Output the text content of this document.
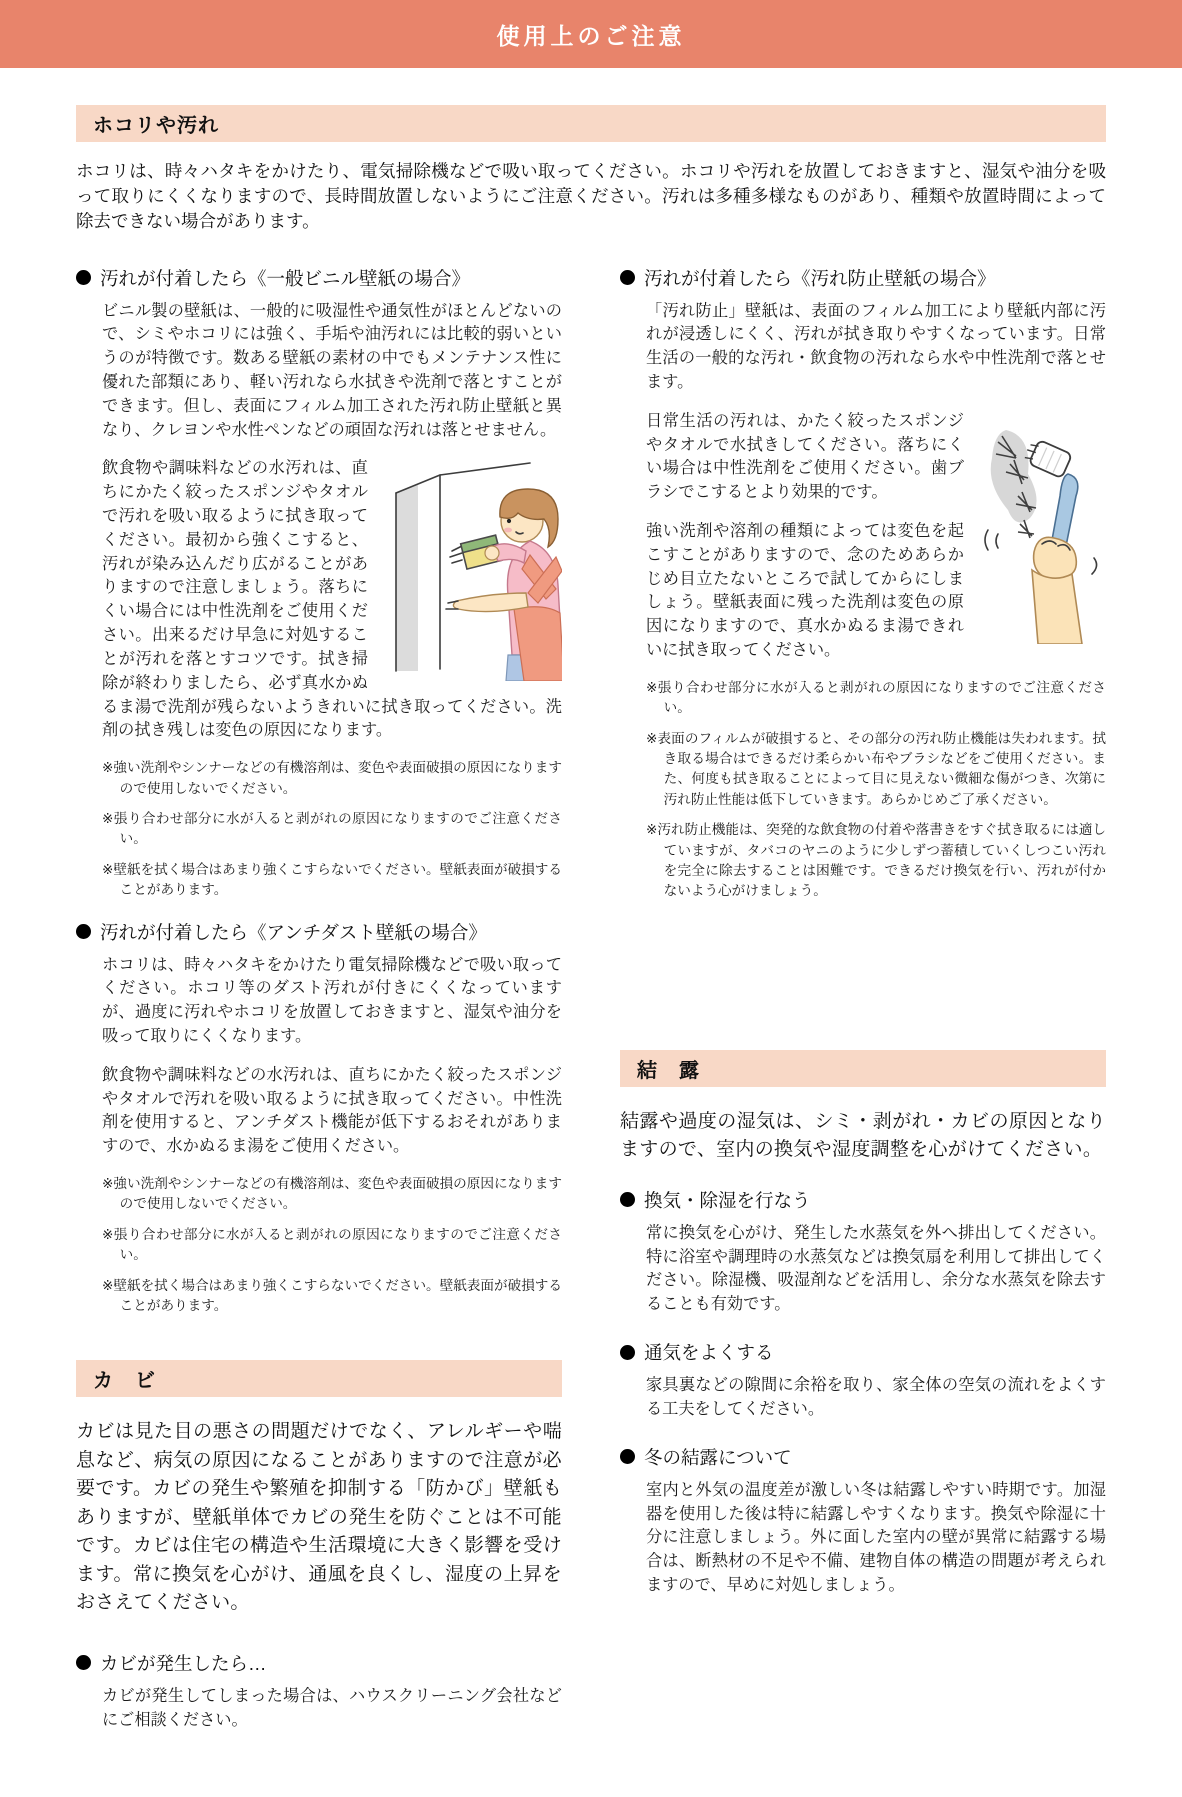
使用上のご注意
ホコリや汚れ

ホコリは、時々ハタキをかけたり、電気掃除機などで吸い取ってください。ホコリや汚れを放置しておきますと、湿気や油分を吸って取りにくくなりますので、長時間放置しないようにご注意ください。汚れは多種多様なものがあり、種類や放置時間によって除去できない場合があります。

汚れが付着したら《一般ビニル壁紙の場合》

ビニル製の壁紙は、一般的に吸湿性や通気性がほとんどないので、シミやホコリには強く、手垢や油汚れには比較的弱いというのが特徴です。数ある壁紙の素材の中でもメンテナンス性に優れた部類にあり、軽い汚れなら水拭きや洗剤で落とすことができます。但し、表面にフィルム加工された汚れ防止壁紙と異なり、クレヨンや水性ペンなどの頑固な汚れは落とせません。

飲食物や調味料などの水汚れは、直ちにかたく絞ったスポンジやタオルで汚れを吸い取るように拭き取ってください。最初から強くこすると、汚れが染み込んだり広がることがありますので注意しましょう。落ちにくい場合には中性洗剤をご使用ください。出来るだけ早急に対処することが汚れを落とすコツです。拭き掃除が終わりましたら、必ず真水かぬるま湯で洗剤が残らないようきれいに拭き取ってください。洗剤の拭き残しは変色の原因になります。

※強い洗剤やシンナーなどの有機溶剤は、変色や表面破損の原因になりますので使用しないでください。

※張り合わせ部分に水が入ると剥がれの原因になりますのでご注意ください。

※壁紙を拭く場合はあまり強くこすらないでください。壁紙表面が破損することがあります。

汚れが付着したら《アンチダスト壁紙の場合》

ホコリは、時々ハタキをかけたり電気掃除機などで吸い取ってください。ホコリ等のダスト汚れが付きにくくなっていますが、過度に汚れやホコリを放置しておきますと、湿気や油分を吸って取りにくくなります。

飲食物や調味料などの水汚れは、直ちにかたく絞ったスポンジやタオルで汚れを吸い取るように拭き取ってください。中性洗剤を使用すると、アンチダスト機能が低下するおそれがありますので、水かぬるま湯をご使用ください。

※強い洗剤やシンナーなどの有機溶剤は、変色や表面破損の原因になりますので使用しないでください。

※張り合わせ部分に水が入ると剥がれの原因になりますのでご注意ください。

※壁紙を拭く場合はあまり強くこすらないでください。壁紙表面が破損することがあります。

カ　ビ

カビは見た目の悪さの問題だけでなく、アレルギーや喘息など、病気の原因になることがありますので注意が必要です。カビの発生や繁殖を抑制する「防かび」壁紙もありますが、壁紙単体でカビの発生を防ぐことは不可能です。カビは住宅の構造や生活環境に大きく影響を受けます。常に換気を心がけ、通風を良くし、湿度の上昇をおさえてください。

カビが発生したら…

カビが発生してしまった場合は、ハウスクリーニング会社などにご相談ください。

汚れが付着したら《汚れ防止壁紙の場合》

「汚れ防止」壁紙は、表面のフィルム加工により壁紙内部に汚れが浸透しにくく、汚れが拭き取りやすくなっています。日常生活の一般的な汚れ・飲食物の汚れなら水や中性洗剤で落とせます。

日常生活の汚れは、かたく絞ったスポンジやタオルで水拭きしてください。落ちにくい場合は中性洗剤をご使用ください。歯ブラシでこするとより効果的です。

強い洗剤や溶剤の種類によっては変色を起こすことがありますので、念のためあらかじめ目立たないところで試してからにしましょう。壁紙表面に残った洗剤は変色の原因になりますので、真水かぬるま湯できれいに拭き取ってください。

※張り合わせ部分に水が入ると剥がれの原因になりますのでご注意ください。

※表面のフィルムが破損すると、その部分の汚れ防止機能は失われます。拭き取る場合はできるだけ柔らかい布やブラシなどをご使用ください。また、何度も拭き取ることによって目に見えない微細な傷がつき、次第に汚れ防止性能は低下していきます。あらかじめご了承ください。

※汚れ防止機能は、突発的な飲食物の付着や落書きをすぐ拭き取るには適していますが、タバコのヤニのように少しずつ蓄積していくしつこい汚れを完全に除去することは困難です。できるだけ換気を行い、汚れが付かないよう心がけましょう。

結　露

結露や過度の湿気は、シミ・剥がれ・カビの原因となりますので、室内の換気や湿度調整を心がけてください。

換気・除湿を行なう

常に換気を心がけ、発生した水蒸気を外へ排出してください。特に浴室や調理時の水蒸気などは換気扇を利用して排出してください。除湿機、吸湿剤などを活用し、余分な水蒸気を除去することも有効です。

通気をよくする

家具裏などの隙間に余裕を取り、家全体の空気の流れをよくする工夫をしてください。

冬の結露について

室内と外気の温度差が激しい冬は結露しやすい時期です。加湿器を使用した後は特に結露しやすくなります。換気や除湿に十分に注意しましょう。外に面した室内の壁が異常に結露する場合は、断熱材の不足や不備、建物自体の構造の問題が考えられますので、早めに対処しましょう。
